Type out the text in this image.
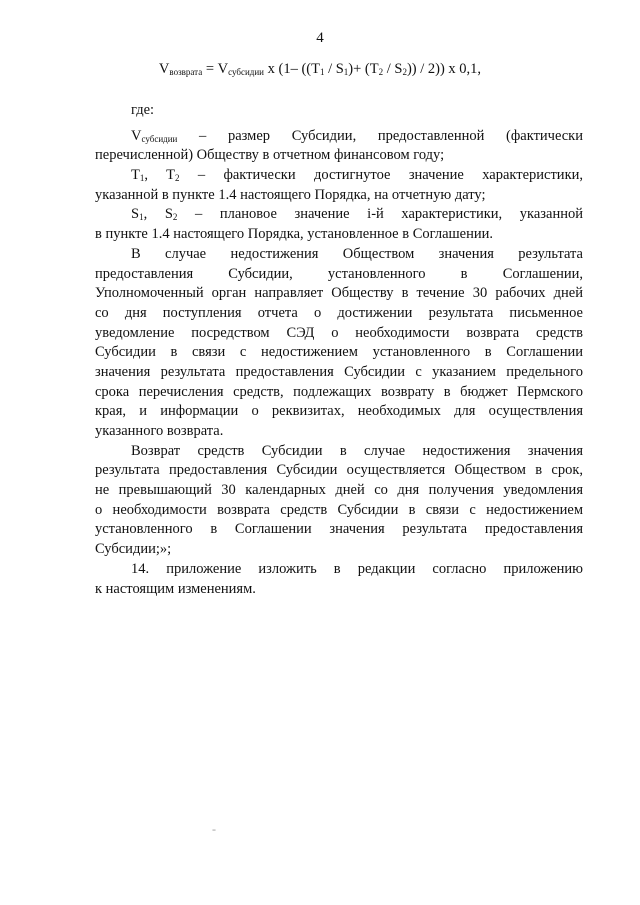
4
$V_{возврата} = V_{субсидии}$ x (1– $((T_1 / S_1)+ (T_2 / S_2)) / 2$)) x 0,1,
где:
$V_{субсидии}$ – размер Субсидии, предоставленной (фактически
перечисленной) Обществу в отчетном финансовом году;
$T_1$, $T_2$ – фактически достигнутое значение характеристики,
указанной в пункте 1.4 настоящего Порядка, на отчетную дату;
$S_1$, $S_2$ – плановое значение i-й характеристики, указанной
в пункте 1.4 настоящего Порядка, установленное в Соглашении.
В случае недостижения Обществом значения результата
предоставления Субсидии, установленного в Соглашении,
Уполномоченный орган направляет Обществу в течение 30 рабочих дней
со дня поступления отчета о достижении результата письменное
уведомление посредством СЭД о необходимости возврата средств
Субсидии в связи с недостижением установленного в Соглашении
значения результата предоставления Субсидии с указанием предельного
срока перечисления средств, подлежащих возврату в бюджет Пермского
края, и информации о реквизитах, необходимых для осуществления
указанного возврата.
Возврат средств Субсидии в случае недостижения значения
результата предоставления Субсидии осуществляется Обществом в срок,
не превышающий 30 календарных дней со дня получения уведомления
о необходимости возврата средств Субсидии в связи с недостижением
установленного в Соглашении значения результата предоставления
Субсидии;»;
14. приложение изложить в редакции согласно приложению
к настоящим изменениям.
-
